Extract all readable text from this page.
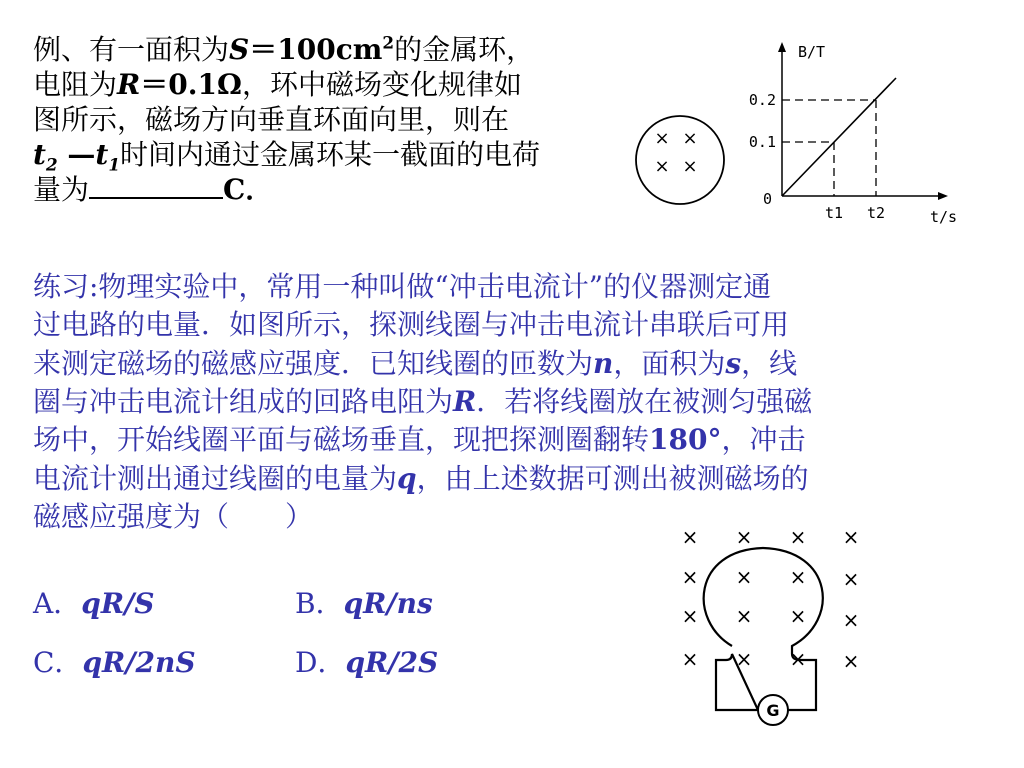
例、有一面积为$S=100cm^2$的金属环，
电阻为R＝0.1Ω，环中磁场变化规律如
图所示，磁场方向垂直环面向里，则在
$t_2$ $—t_1$时间内通过金属环某一截面的电荷
量为	C．
× ×
× ×
B/T
t/s
0.2
0.1
0
t1 t2
练习:物理实验中，常用一种叫做“冲击电流计”的仪器测定通
过电路的电量．如图所示，探测线圈与冲击电流计串联后可用
来测定磁场的磁感应强度．已知线圈的匝数为n，面积为s，线
圈与冲击电流计组成的回路电阻为R．若将线圈放在被测匀强磁
场中，开始线圈平面与磁场垂直，现把探测圈翻转180°，冲击
电流计测出通过线圈的电量为q，由上述数据可测出被测磁场的
磁感应强度为（　　）
A．qR/S	B．qR/ns
C．qR/2nS	D．qR/2S
G
× × × ×
× × × ×
× × × ×
× × × ×
